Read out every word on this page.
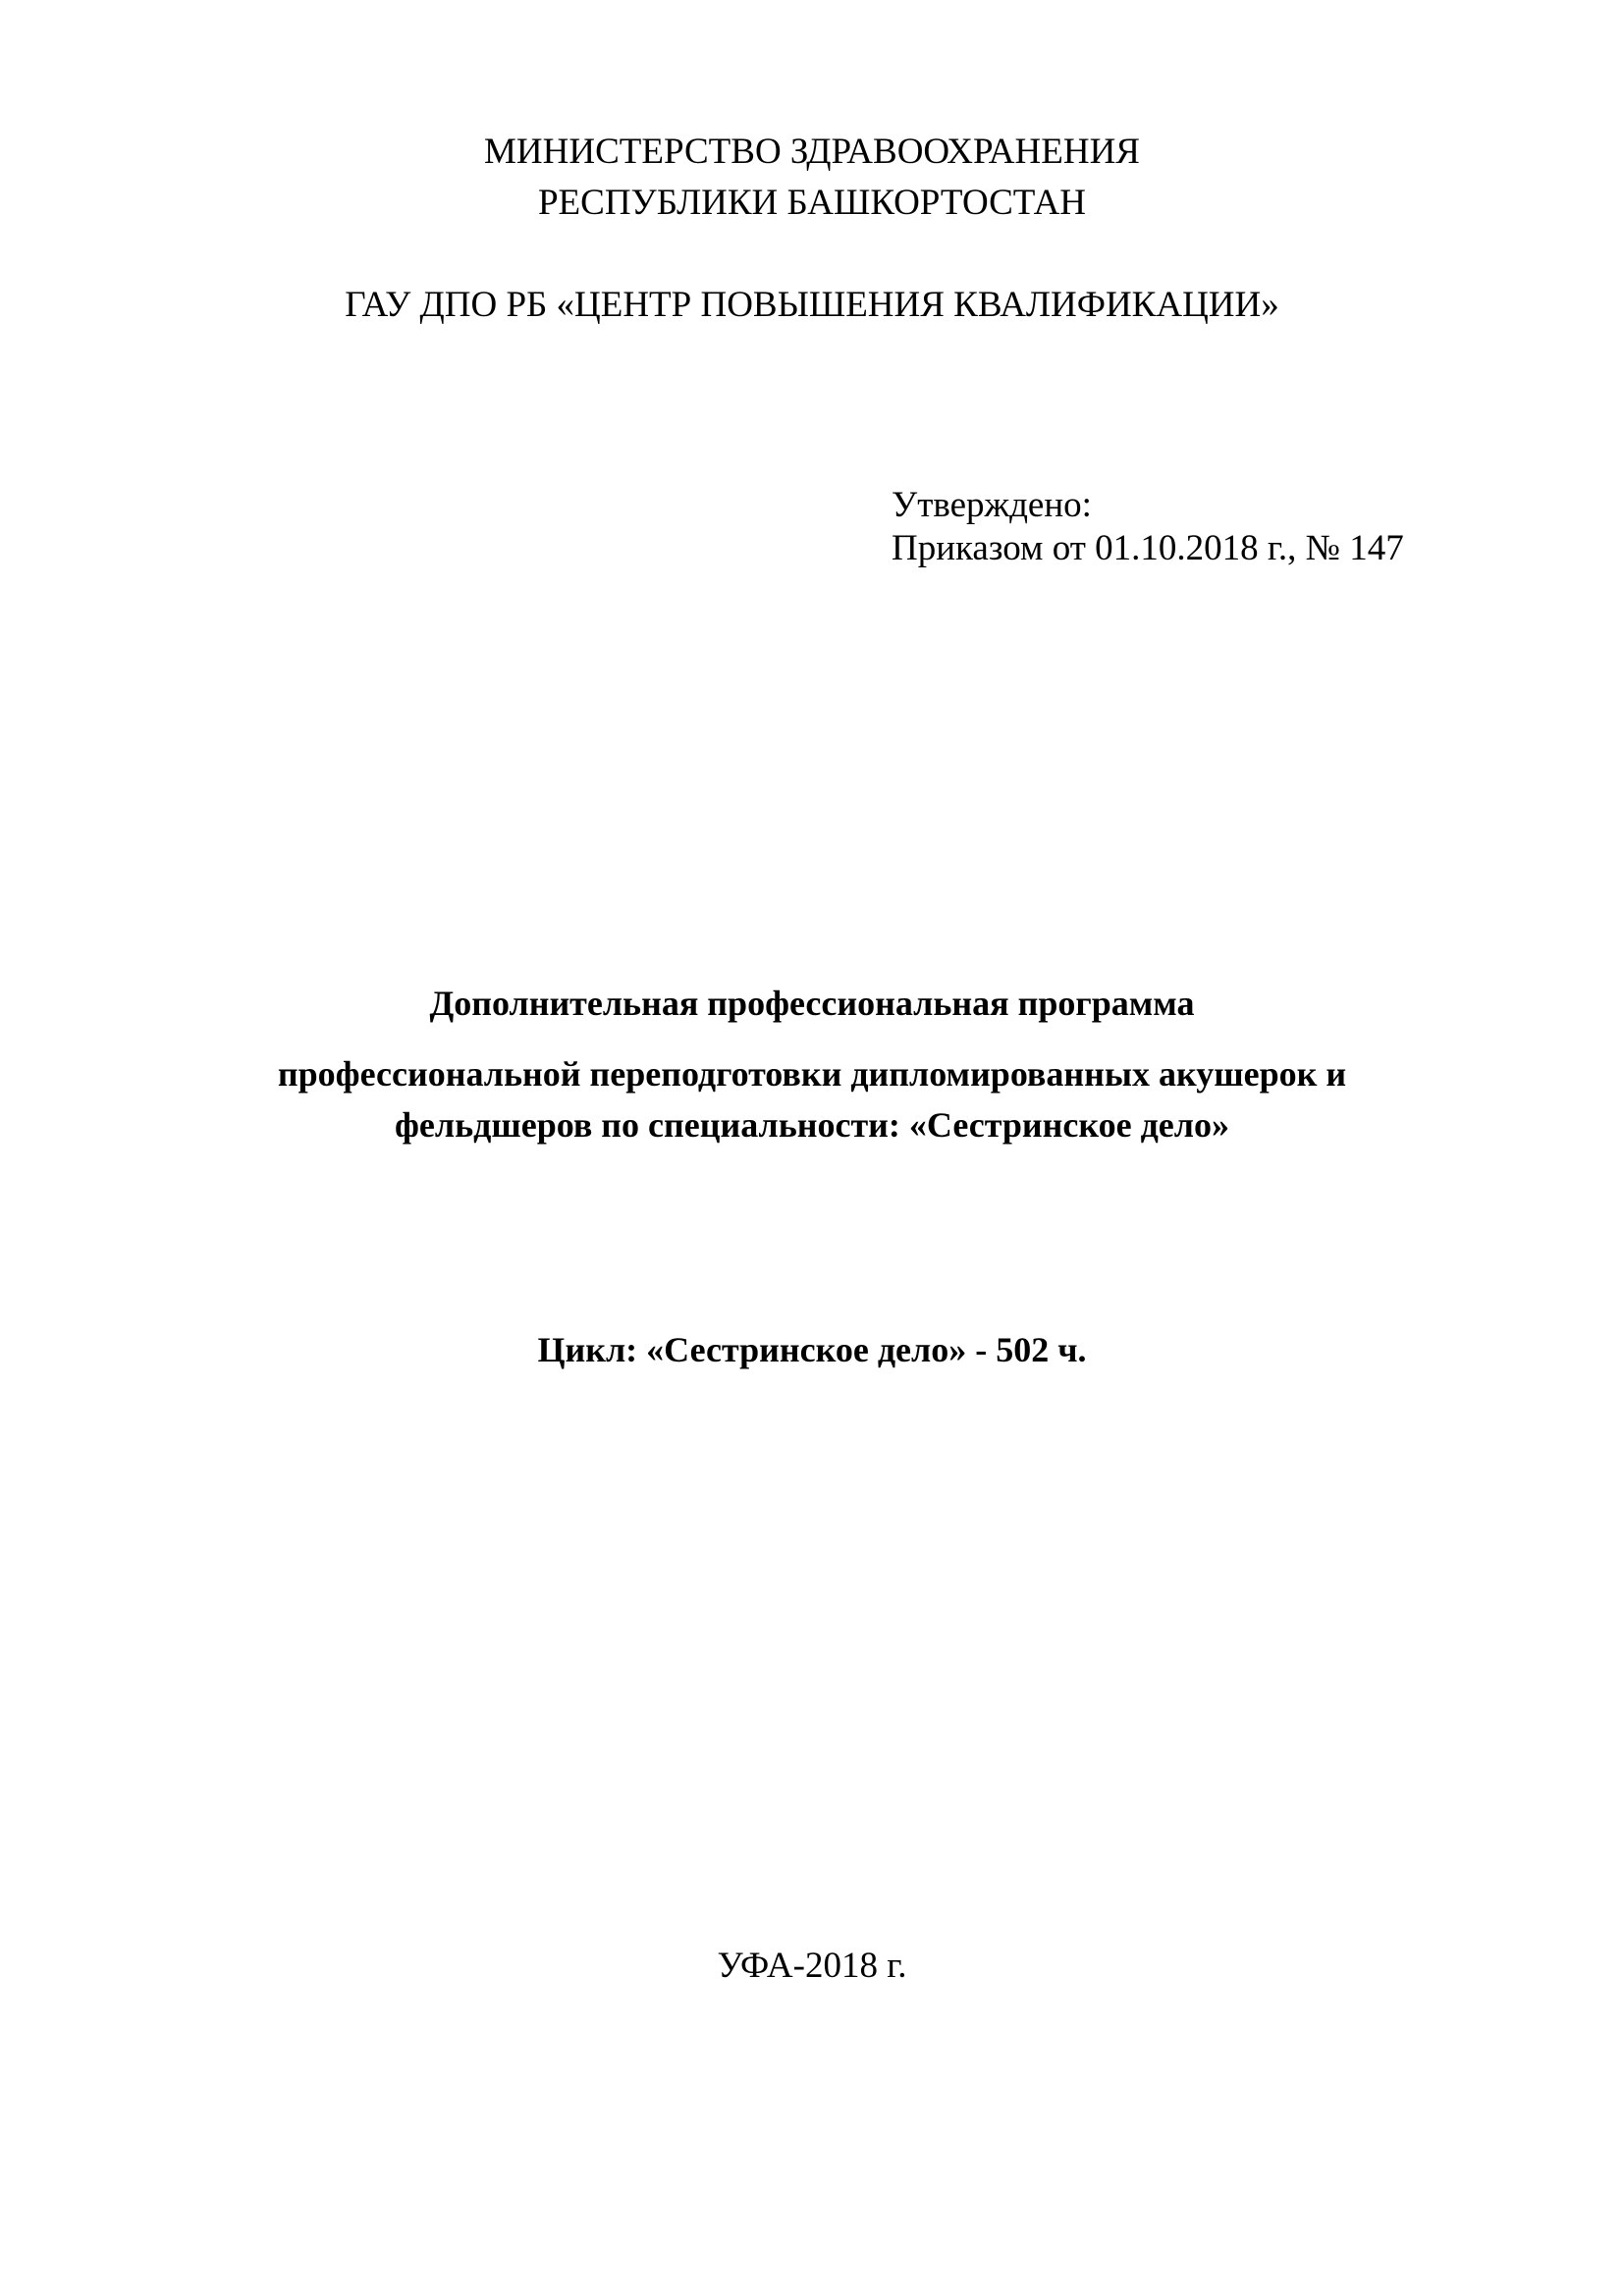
МИНИСТЕРСТВО ЗДРАВООХРАНЕНИЯ
РЕСПУБЛИКИ БАШКОРТОСТАН
ГАУ ДПО РБ «ЦЕНТР ПОВЫШЕНИЯ КВАЛИФИКАЦИИ»
Утверждено:
Приказом от 01.10.2018 г., № 147
Дополнительная профессиональная программа
профессиональной переподготовки дипломированных акушерок и
фельдшеров по специальности: «Сестринское дело»
Цикл: «Сестринское дело» - 502 ч.
УФА-2018 г.
